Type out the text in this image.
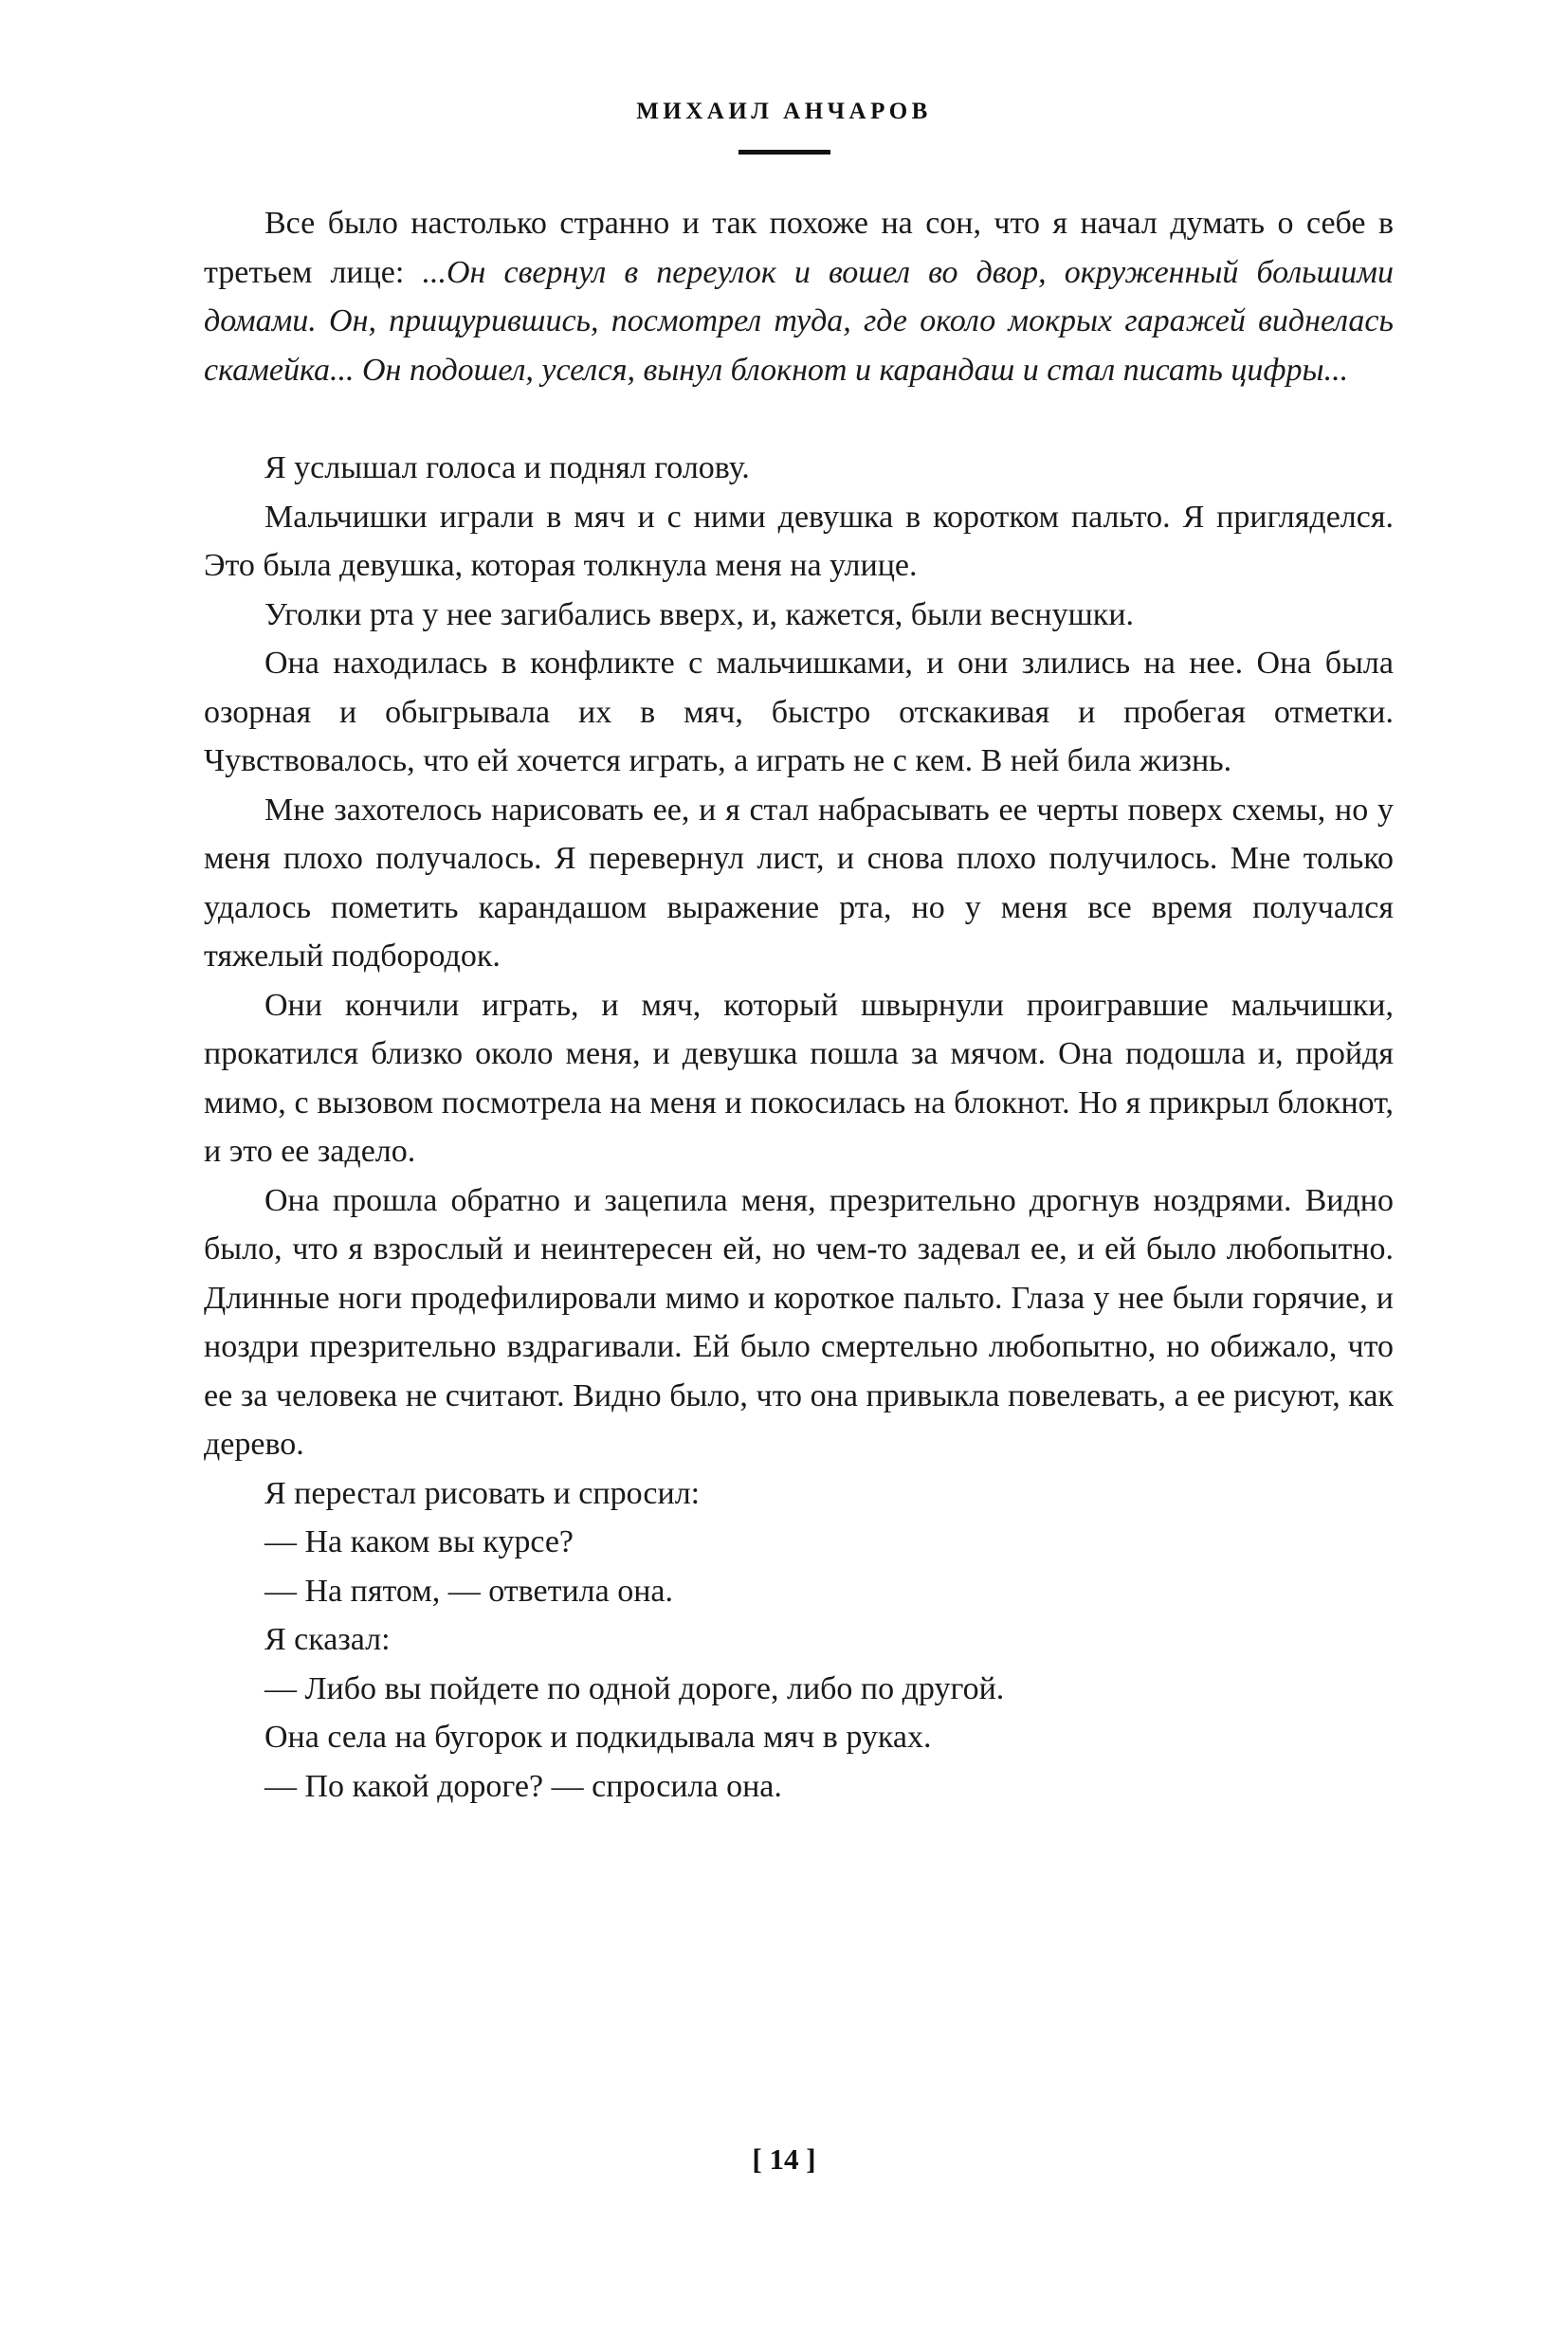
МИХАИЛ АНЧАРОВ

Все было настолько странно и так похоже на сон, что я начал думать о себе в третьем лице: ...Он свернул в переулок и вошел во двор, окруженный большими домами. Он, прищурившись, посмотрел туда, где около мокрых гаражей виднелась скамейка... Он подошел, уселся, вынул блокнот и карандаш и стал писать цифры...

Я услышал голоса и поднял голову.

Мальчишки играли в мяч и с ними девушка в коротком пальто. Я пригляделся. Это была девушка, которая толкнула меня на улице.

Уголки рта у нее загибались вверх, и, кажется, были веснушки.

Она находилась в конфликте с мальчишками, и они злились на нее. Она была озорная и обыгрывала их в мяч, быстро отскакивая и пробегая отметки. Чувствовалось, что ей хочется играть, а играть не с кем. В ней била жизнь.

Мне захотелось нарисовать ее, и я стал набрасывать ее черты поверх схемы, но у меня плохо получалось. Я перевернул лист, и снова плохо получилось. Мне только удалось пометить карандашом выражение рта, но у меня все время получался тяжелый подбородок.

Они кончили играть, и мяч, который швырнули проигравшие мальчишки, прокатился близко около меня, и девушка пошла за мячом. Она подошла и, пройдя мимо, с вызовом посмотрела на меня и покосилась на блокнот. Но я прикрыл блокнот, и это ее задело.

Она прошла обратно и зацепила меня, презрительно дрогнув ноздрями. Видно было, что я взрослый и неинтересен ей, но чем-то задевал ее, и ей было любопытно. Длинные ноги продефилировали мимо и короткое пальто. Глаза у нее были горячие, и ноздри презрительно вздрагивали. Ей было смертельно любопытно, но обижало, что ее за человека не считают. Видно было, что она привыкла повелевать, а ее рисуют, как дерево.

Я перестал рисовать и спросил:

— На каком вы курсе?

— На пятом, — ответила она.

Я сказал:

— Либо вы пойдете по одной дороге, либо по другой.

Она села на бугорок и подкидывала мяч в руках.

— По какой дороге? — спросила она.

[ 14 ]
